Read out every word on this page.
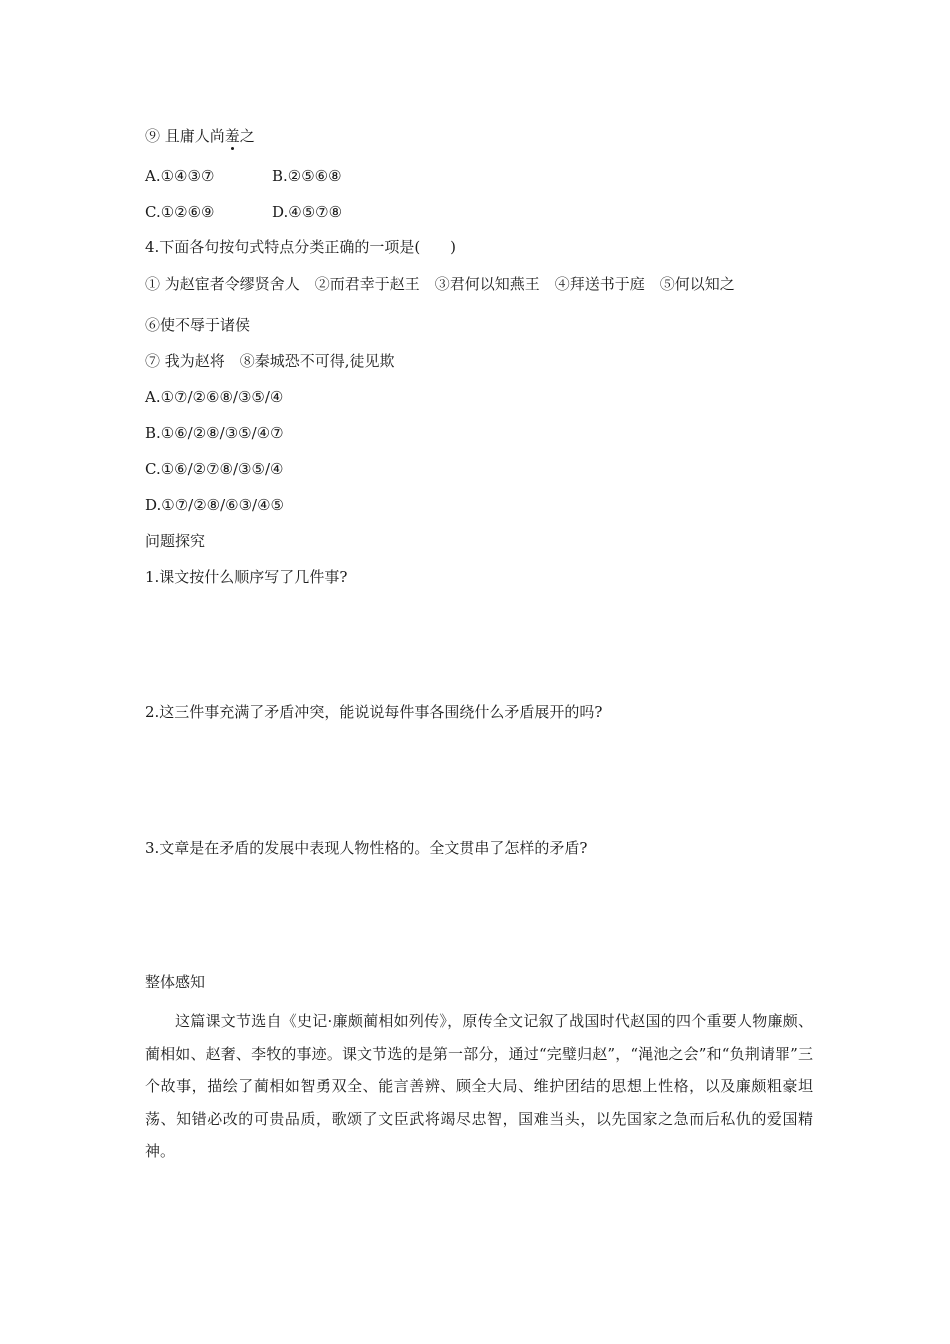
⑨ 且庸人尚羞之
A.①④③⑦	B.②⑤⑥⑧
C.①②⑥⑨	D.④⑤⑦⑧
4.下面各句按句式特点分类正确的一项是(　　)
① 为赵宦者令缪贤舍人　②而君幸于赵王　③君何以知燕王　④拜送书于庭　⑤何以知之
⑥使不辱于诸侯
⑦ 我为赵将　⑧秦城恐不可得,徒见欺
A.①⑦/②⑥⑧/③⑤/④
B.①⑥/②⑧/③⑤/④⑦
C.①⑥/②⑦⑧/③⑤/④
D.①⑦/②⑧/⑥③/④⑤
问题探究
1.课文按什么顺序写了几件事?
2.这三件事充满了矛盾冲突，能说说每件事各围绕什么矛盾展开的吗?
3.文章是在矛盾的发展中表现人物性格的。全文贯串了怎样的矛盾?
整体感知
这篇课文节选自《史记·廉颇蔺相如列传》，原传全文记叙了战国时代赵国的四个重要人物廉颇、蔺相如、赵奢、李牧的事迹。课文节选的是第一部分，通过“完璧归赵”，“渑池之会”和“负荆请罪”三个故事，描绘了蔺相如智勇双全、能言善辨、顾全大局、维护团结的思想上性格，以及廉颇粗豪坦荡、知错必改的可贵品质，歌颂了文臣武将竭尽忠智，国难当头，以先国家之急而后私仇的爱国精神。
